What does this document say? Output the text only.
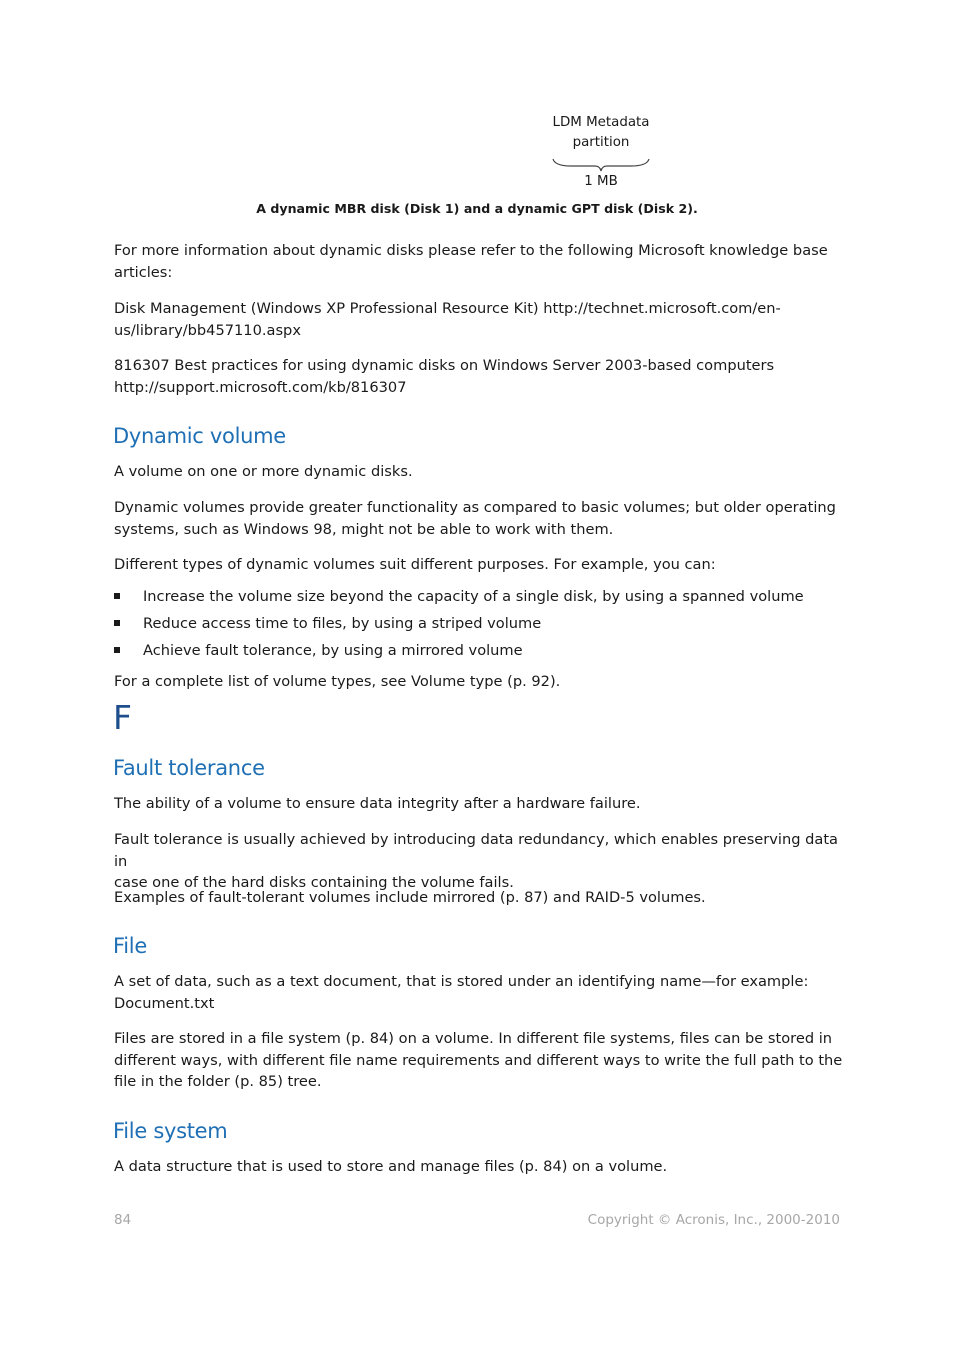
LDM Metadata
partition
1 MB
A dynamic MBR disk (Disk 1) and a dynamic GPT disk (Disk 2).
For more information about dynamic disks please refer to the following Microsoft knowledge base articles:
Disk Management (Windows XP Professional Resource Kit) http://technet.microsoft.com/en-
us/library/bb457110.aspx
816307 Best practices for using dynamic disks on Windows Server 2003-based computers
http://support.microsoft.com/kb/816307
Dynamic volume
A volume on one or more dynamic disks.
Dynamic volumes provide greater functionality as compared to basic volumes; but older operating
systems, such as Windows 98, might not be able to work with them.
Different types of dynamic volumes suit different purposes. For example, you can:
Increase the volume size beyond the capacity of a single disk, by using a spanned volume
Reduce access time to files, by using a striped volume
Achieve fault tolerance, by using a mirrored volume
For a complete list of volume types, see Volume type (p. 92).
F
Fault tolerance
The ability of a volume to ensure data integrity after a hardware failure.
Fault tolerance is usually achieved by introducing data redundancy, which enables preserving data in
case one of the hard disks containing the volume fails.
Examples of fault-tolerant volumes include mirrored (p. 87) and RAID-5 volumes.
File
A set of data, such as a text document, that is stored under an identifying name—for example:
Document.txt
Files are stored in a file system (p. 84) on a volume. In different file systems, files can be stored in
different ways, with different file name requirements and different ways to write the full path to the
file in the folder (p. 85) tree.
File system
A data structure that is used to store and manage files (p. 84) on a volume.
84	Copyright © Acronis, Inc., 2000-2010
